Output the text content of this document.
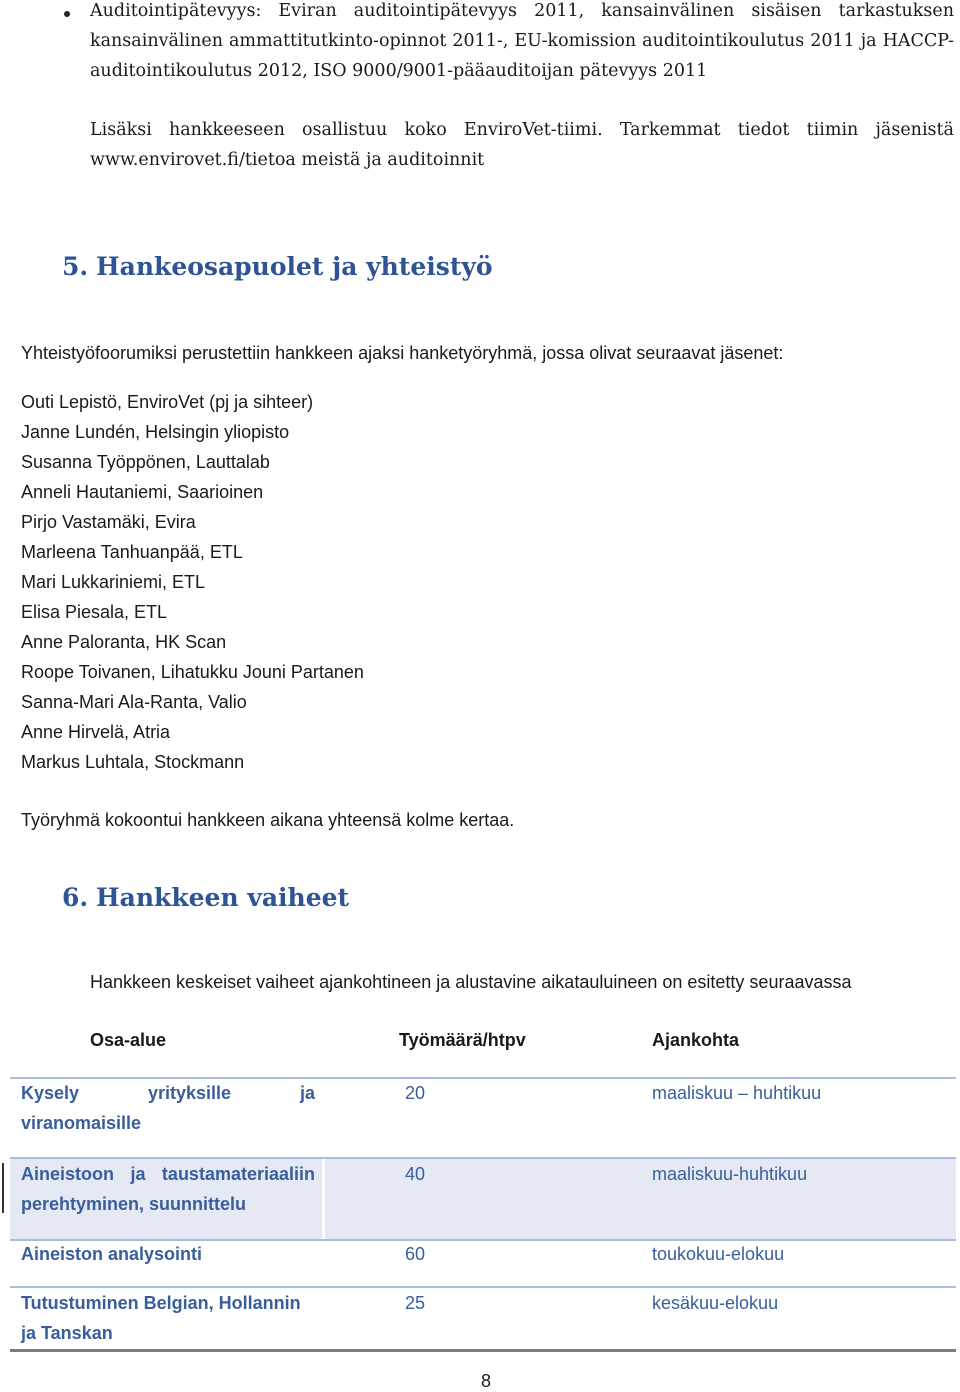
Auditointipätevyys: Eviran auditointipätevyys 2011, kansainvälinen sisäisen tarkastuksen
kansainvälinen ammattitutkinto-opinnot 2011-, EU-komission auditointikoulutus 2011 ja HACCP-
auditointikoulutus 2012, ISO 9000/9001-pääauditoijan pätevyys 2011
Lisäksi hankkeeseen osallistuu koko EnviroVet-tiimi. Tarkemmat tiedot tiimin jäsenistä
www.envirovet.fi/tietoa meistä ja auditoinnit
5. Hankeosapuolet ja yhteistyö
Yhteistyöfoorumiksi perustettiin hankkeen ajaksi hanketyöryhmä, jossa olivat seuraavat jäsenet:
Outi Lepistö, EnviroVet (pj ja sihteer)
Janne Lundén, Helsingin yliopisto
Susanna Työppönen, Lauttalab
Anneli Hautaniemi, Saarioinen
Pirjo Vastamäki, Evira
Marleena Tanhuanpää, ETL
Mari Lukkariniemi, ETL
Elisa Piesala, ETL
Anne Paloranta, HK Scan
Roope Toivanen, Lihatukku Jouni Partanen
Sanna-Mari Ala-Ranta, Valio
Anne Hirvelä, Atria
Markus Luhtala, Stockmann
Työryhmä kokoontui hankkeen aikana yhteensä kolme kertaa.
6. Hankkeen vaiheet
Hankkeen keskeiset vaiheet ajankohtineen ja alustavine aikatauluineen on esitetty seuraavassa
Osa-alue	Työmäärä/htpv	Ajankohta
Kysely yrityksille ja
viranomaisille
20	maaliskuu – huhtikuu
Aineistoon ja taustamateriaaliin
perehtyminen, suunnittelu
40	maaliskuu-huhtikuu
Aineiston analysointi	60	toukokuu-elokuu
Tutustuminen Belgian, Hollannin
ja Tanskan
25	kesäkuu-elokuu
8
